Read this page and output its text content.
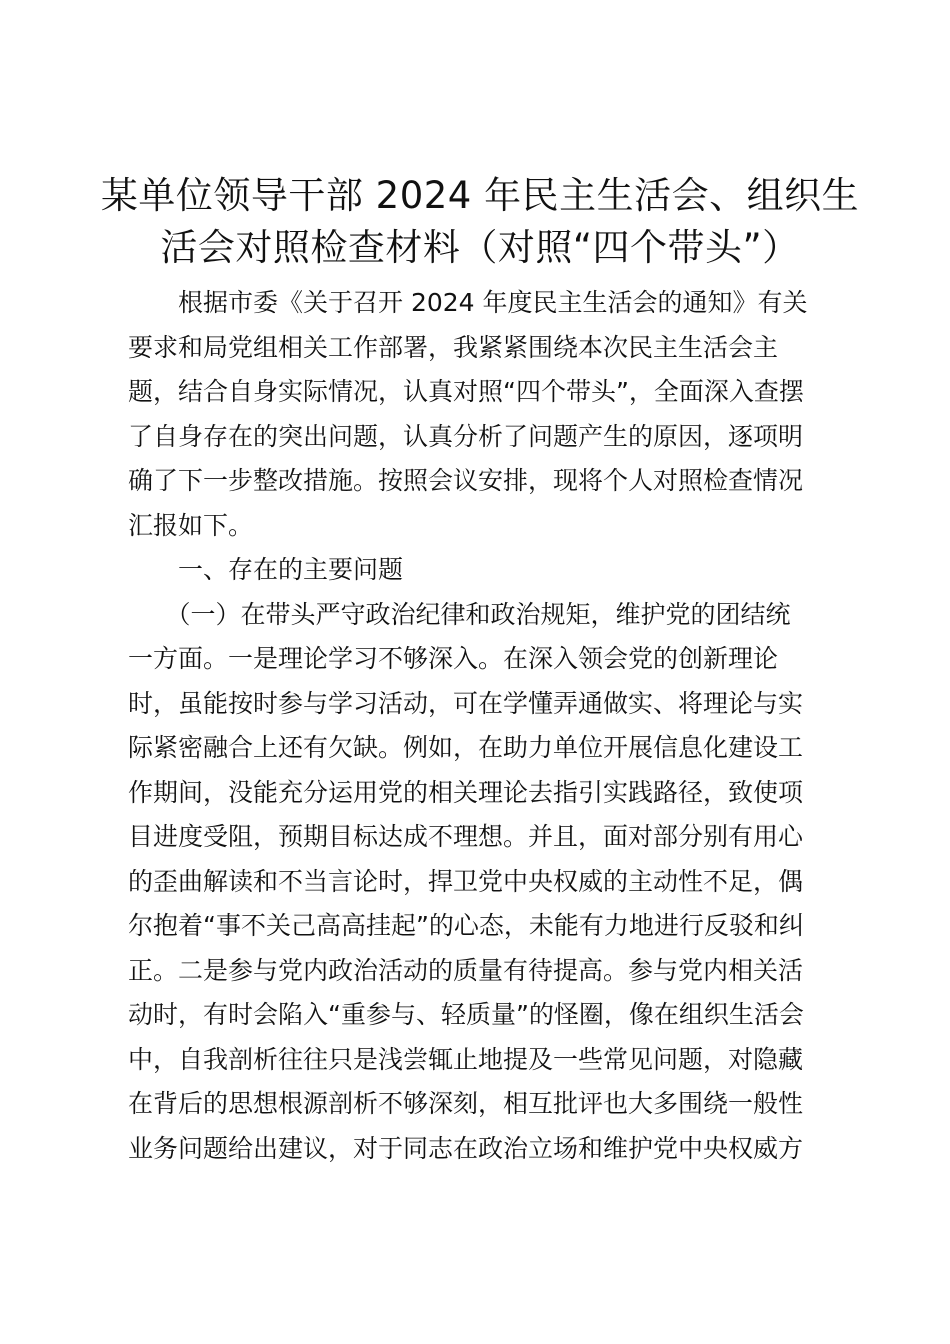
某单位领导干部 2024 年民主生活会、组织生
活会对照检查材料（对照“四个带头”）
　　根据市委《关于召开 2024 年度民主生活会的通知》有关
要求和局党组相关工作部署，我紧紧围绕本次民主生活会主
题，结合自身实际情况，认真对照“四个带头”，全面深入查摆
了自身存在的突出问题，认真分析了问题产生的原因，逐项明
确了下一步整改措施。按照会议安排，现将个人对照检查情况
汇报如下。
　　一、存在的主要问题
　　（一）在带头严守政治纪律和政治规矩，维护党的团结统
一方面。一是理论学习不够深入。在深入领会党的创新理论
时，虽能按时参与学习活动，可在学懂弄通做实、将理论与实
际紧密融合上还有欠缺。例如，在助力单位开展信息化建设工
作期间，没能充分运用党的相关理论去指引实践路径，致使项
目进度受阻，预期目标达成不理想。并且，面对部分别有用心
的歪曲解读和不当言论时，捍卫党中央权威的主动性不足，偶
尔抱着“事不关己高高挂起”的心态，未能有力地进行反驳和纠
正。二是参与党内政治活动的质量有待提高。参与党内相关活
动时，有时会陷入“重参与、轻质量”的怪圈，像在组织生活会
中，自我剖析往往只是浅尝辄止地提及一些常见问题，对隐藏
在背后的思想根源剖析不够深刻，相互批评也大多围绕一般性
业务问题给出建议，对于同志在政治立场和维护党中央权威方
